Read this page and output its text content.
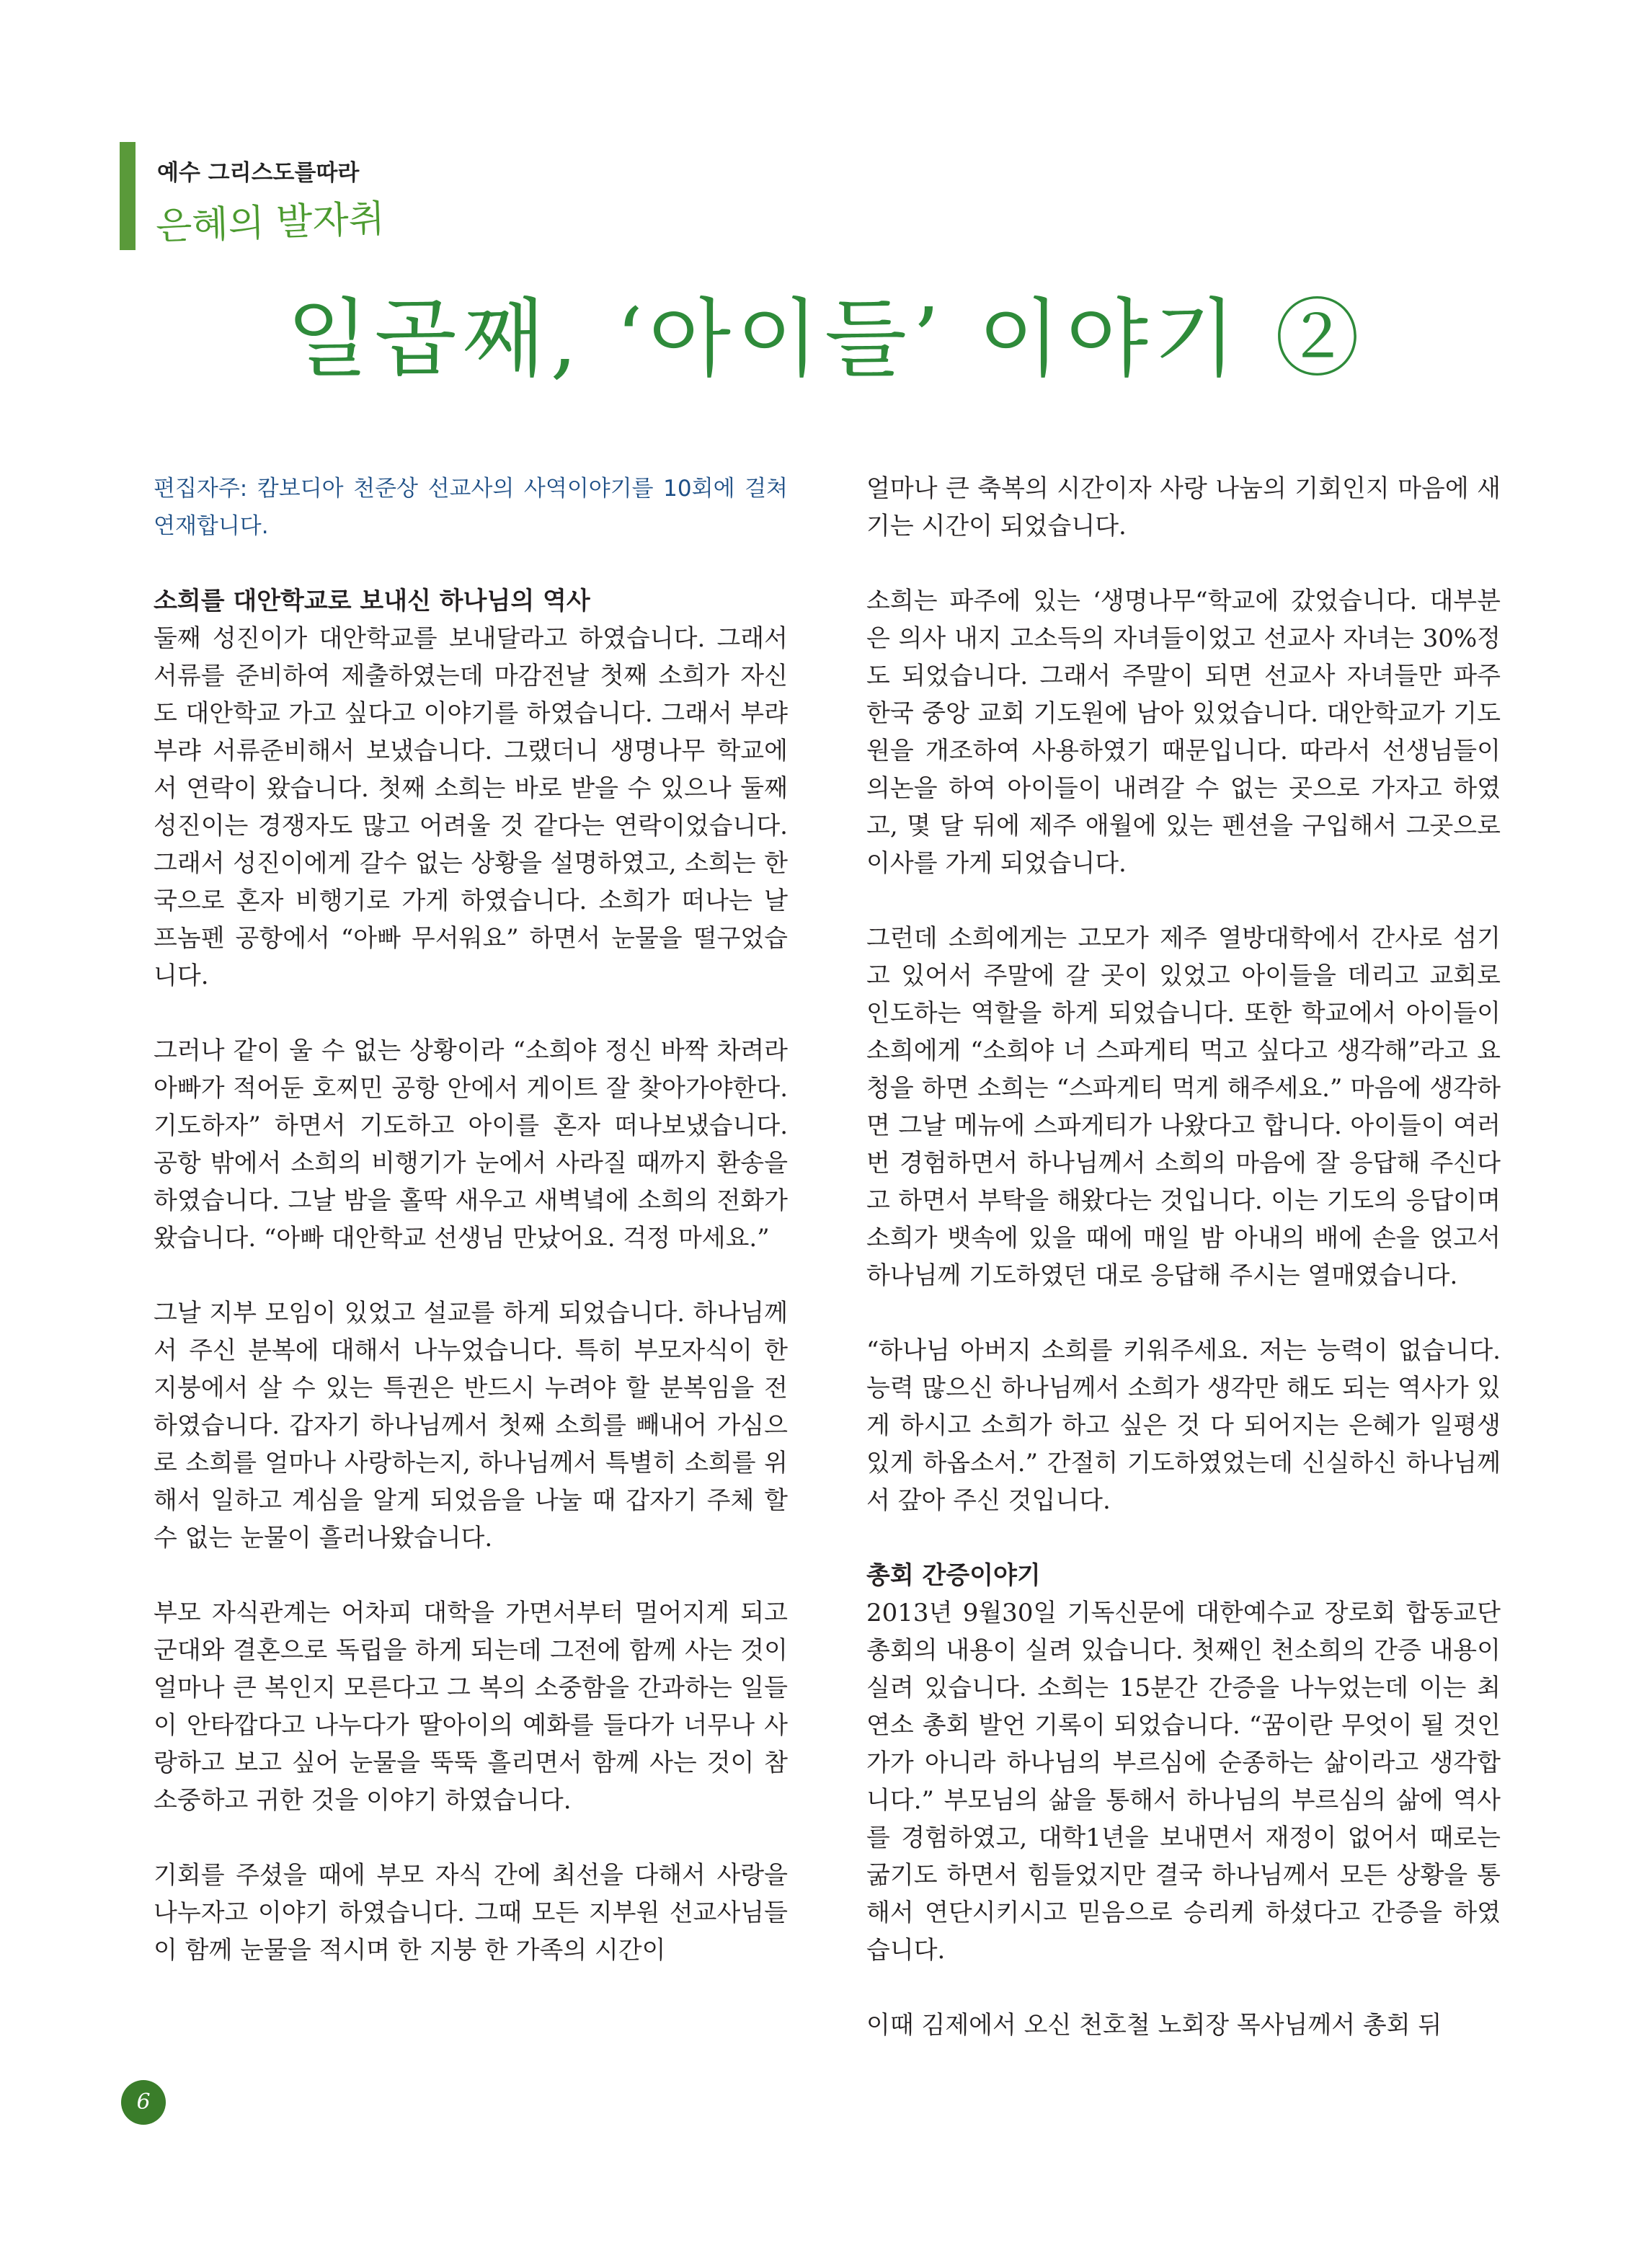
예수 그리스도를따라
은혜의 발자취
일곱째, ‘아이들’ 이야기 ②

편집자주: 캄보디아 천준상 선교사의 사역이야기를 10회에 걸쳐 연재합니다.

소희를 대안학교로 보내신 하나님의 역사

둘째 성진이가 대안학교를 보내달라고 하였습니다. 그래서 서류를 준비하여 제출하였는데 마감전날 첫째 소희가 자신도 대안학교 가고 싶다고 이야기를 하였습니다. 그래서 부랴부랴 서류준비해서 보냈습니다. 그랬더니 생명나무 학교에서 연락이 왔습니다. 첫째 소희는 바로 받을 수 있으나 둘째 성진이는 경쟁자도 많고 어려울 것 같다는 연락이었습니다. 그래서 성진이에게 갈수 없는 상황을 설명하였고, 소희는 한국으로 혼자 비행기로 가게 하였습니다. 소희가 떠나는 날 프놈펜 공항에서 “아빠 무서워요” 하면서 눈물을 떨구었습니다.

그러나 같이 울 수 없는 상황이라 “소희야 정신 바짝 차려라 아빠가 적어둔 호찌민 공항 안에서 게이트 잘 찾아가야한다. 기도하자” 하면서 기도하고 아이를 혼자 떠나보냈습니다. 공항 밖에서 소희의 비행기가 눈에서 사라질 때까지 환송을 하였습니다. 그날 밤을 홀딱 새우고 새벽녘에 소희의 전화가 왔습니다. “아빠 대안학교 선생님 만났어요. 걱정 마세요.”

그날 지부 모임이 있었고 설교를 하게 되었습니다. 하나님께서 주신 분복에 대해서 나누었습니다. 특히 부모자식이 한 지붕에서 살 수 있는 특권은 반드시 누려야 할 분복임을 전하였습니다. 갑자기 하나님께서 첫째 소희를 빼내어 가심으로 소희를 얼마나 사랑하는지, 하나님께서 특별히 소희를 위해서 일하고 계심을 알게 되었음을 나눌 때 갑자기 주체 할 수 없는 눈물이 흘러나왔습니다.

부모 자식관계는 어차피 대학을 가면서부터 멀어지게 되고 군대와 결혼으로 독립을 하게 되는데 그전에 함께 사는 것이 얼마나 큰 복인지 모른다고 그 복의 소중함을 간과하는 일들이 안타깝다고 나누다가 딸아이의 예화를 들다가 너무나 사랑하고 보고 싶어 눈물을 뚝뚝 흘리면서 함께 사는 것이 참 소중하고 귀한 것을 이야기 하였습니다.

기회를 주셨을 때에 부모 자식 간에 최선을 다해서 사랑을 나누자고 이야기 하였습니다. 그때 모든 지부원 선교사님들이 함께 눈물을 적시며 한 지붕 한 가족의 시간이

얼마나 큰 축복의 시간이자 사랑 나눔의 기회인지 마음에 새기는 시간이 되었습니다.

소희는 파주에 있는 ‘생명나무“학교에 갔었습니다. 대부분은 의사 내지 고소득의 자녀들이었고 선교사 자녀는 30%정도 되었습니다. 그래서 주말이 되면 선교사 자녀들만 파주 한국 중앙 교회 기도원에 남아 있었습니다. 대안학교가 기도원을 개조하여 사용하였기 때문입니다. 따라서 선생님들이 의논을 하여 아이들이 내려갈 수 없는 곳으로 가자고 하였고, 몇 달 뒤에 제주 애월에 있는 펜션을 구입해서 그곳으로 이사를 가게 되었습니다.

그런데 소희에게는 고모가 제주 열방대학에서 간사로 섬기고 있어서 주말에 갈 곳이 있었고 아이들을 데리고 교회로 인도하는 역할을 하게 되었습니다. 또한 학교에서 아이들이 소희에게 “소희야 너 스파게티 먹고 싶다고 생각해”라고 요청을 하면 소희는 “스파게티 먹게 해주세요.” 마음에 생각하면 그날 메뉴에 스파게티가 나왔다고 합니다. 아이들이 여러 번 경험하면서 하나님께서 소희의 마음에 잘 응답해 주신다고 하면서 부탁을 해왔다는 것입니다. 이는 기도의 응답이며 소희가 뱃속에 있을 때에 매일 밤 아내의 배에 손을 얹고서 하나님께 기도하였던 대로 응답해 주시는 열매였습니다.

“하나님 아버지 소희를 키워주세요. 저는 능력이 없습니다. 능력 많으신 하나님께서 소희가 생각만 해도 되는 역사가 있게 하시고 소희가 하고 싶은 것 다 되어지는 은혜가 일평생 있게 하옵소서.” 간절히 기도하였었는데 신실하신 하나님께서 갚아 주신 것입니다.

총회 간증이야기

2013년 9월30일 기독신문에 대한예수교 장로회 합동교단 총회의 내용이 실려 있습니다. 첫째인 천소희의 간증 내용이 실려 있습니다. 소희는 15분간 간증을 나누었는데 이는 최연소 총회 발언 기록이 되었습니다. “꿈이란 무엇이 될 것인가가 아니라 하나님의 부르심에 순종하는 삶이라고 생각합니다.” 부모님의 삶을 통해서 하나님의 부르심의 삶에 역사를 경험하였고, 대학1년을 보내면서 재정이 없어서 때로는 굶기도 하면서 힘들었지만 결국 하나님께서 모든 상황을 통해서 연단시키시고 믿음으로 승리케 하셨다고 간증을 하였습니다.

이때 김제에서 오신 천호철 노회장 목사님께서 총회 뒤

6
